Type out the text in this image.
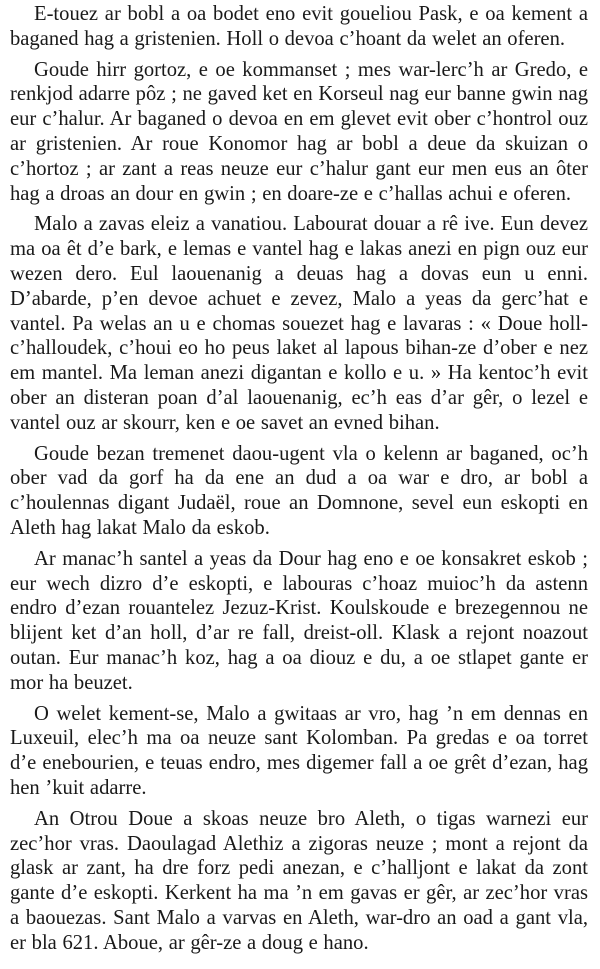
E-touez ar bobl a oa bodet eno evit goueliou Pask, e oa kement a baganed hag a gristenien. Holl o devoa c’hoant da welet an oferen.

Goude hirr gortoz, e oe kommanset ; mes war-lerc’h ar Gredo, e renkjod adarre pôz ; ne gaved ket en Korseul nag eur banne gwin nag eur c’halur. Ar baganed o devoa en em glevet evit ober c’hontrol ouz ar gristenien. Ar roue Konomor hag ar bobl a deue da skuizan o c’hortoz ; ar zant a reas neuze eur c’halur gant eur men eus an ôter hag a droas an dour en gwin ; en doare-ze e c’hallas achui e oferen.

Malo a zavas eleiz a vanatiou. Labourat douar a rê ive. Eun devez ma oa êt d’e bark, e lemas e vantel hag e lakas anezi en pign ouz eur wezen dero. Eul laouenanig a deuas hag a dovas eun u enni. D’abarde, p’en devoe achuet e zevez, Malo a yeas da gerc’hat e vantel. Pa welas an u e chomas souezet hag e lavaras : « Doue holl-c’halloudek, c’houi eo ho peus laket al lapous bihan-ze d’ober e nez em mantel. Ma leman anezi digantan e kollo e u. » Ha kentoc’h evit ober an disteran poan d’al laouenanig, ec’h eas d’ar gêr, o lezel e vantel ouz ar skourr, ken e oe savet an evned bihan.

Goude bezan tremenet daou-ugent vla o kelenn ar baganed, oc’h ober vad da gorf ha da ene an dud a oa war e dro, ar bobl a c’houlennas digant Judaël, roue an Domnone, sevel eun eskopti en Aleth hag lakat Malo da eskob.

Ar manac’h santel a yeas da Dour hag eno e oe konsakret eskob ; eur wech dizro d’e eskopti, e labouras c’hoaz muioc’h da astenn endro d’ezan rouantelez Jezuz-Krist. Koulskoude e brezegennou ne blijent ket d’an holl, d’ar re fall, dreist-oll. Klask a rejont noazout outan. Eur manac’h koz, hag a oa diouz e du, a oe stlapet gante er mor ha beuzet.

O welet kement-se, Malo a gwitaas ar vro, hag ’n em dennas en Luxeuil, elec’h ma oa neuze sant Kolomban. Pa gredas e oa torret d’e enebourien, e teuas endro, mes digemer fall a oe grêt d’ezan, hag hen ’kuit adarre.

An Otrou Doue a skoas neuze bro Aleth, o tigas warnezi eur zec’hor vras. Daoulagad Alethiz a zigoras neuze ; mont a rejont da glask ar zant, ha dre forz pedi anezan, e c’halljont e lakat da zont gante d’e eskopti. Kerkent ha ma ’n em gavas er gêr, ar zec’hor vras a baouezas. Sant Malo a varvas en Aleth, war-dro an oad a gant vla, er bla 621. Aboue, ar gêr-ze a doug e hano.
